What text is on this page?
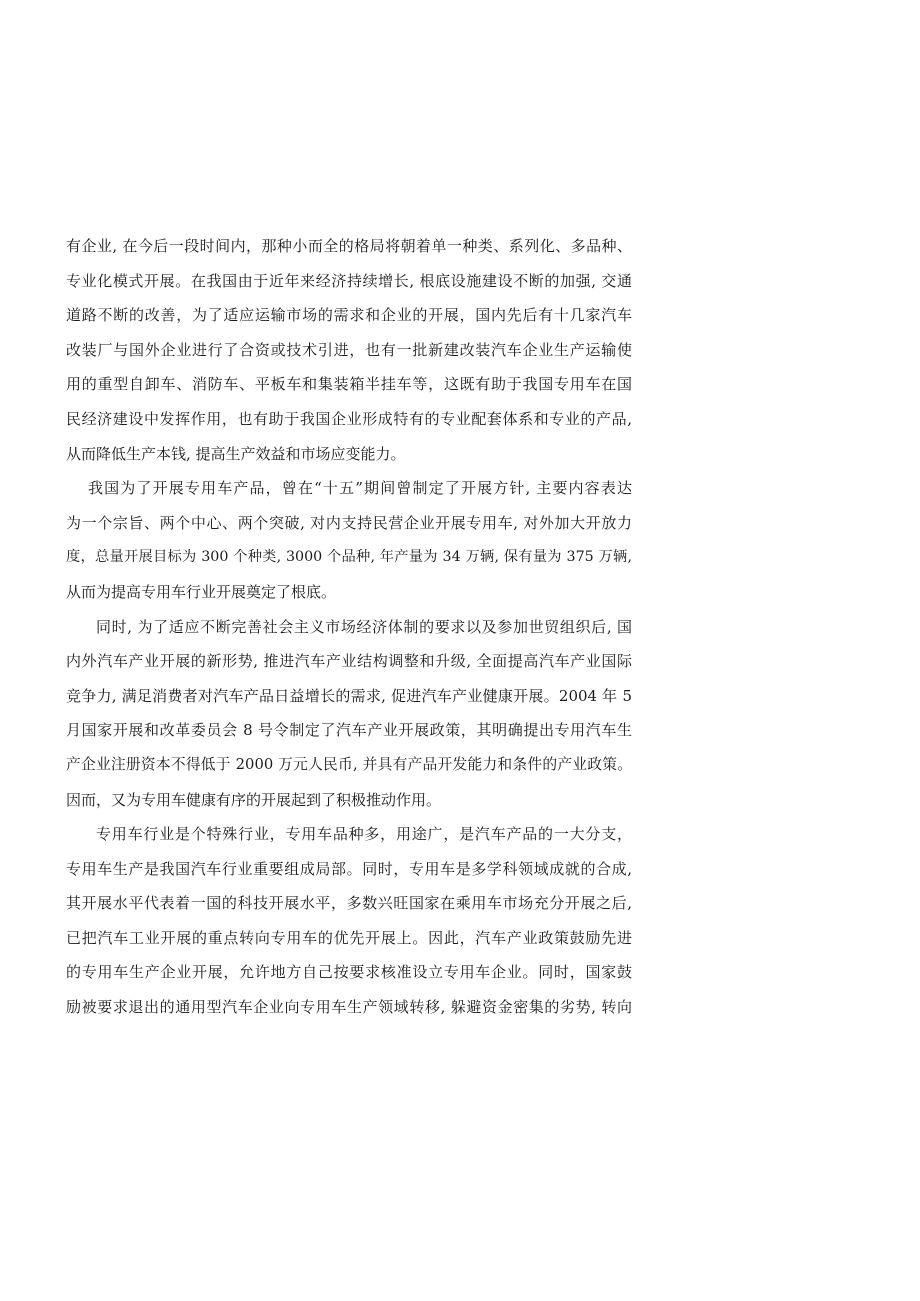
有企业, 在今后一段时间内，那种小而全的格局将朝着单一种类、系列化、多品种、
专业化模式开展。在我国由于近年来经济持续增长, 根底设施建设不断的加强, 交通
道路不断的改善，为了适应运输市场的需求和企业的开展，国内先后有十几家汽车
改装厂与国外企业进行了合资或技术引进，也有一批新建改装汽车企业生产运输使
用的重型自卸车、消防车、平板车和集装箱半挂车等，这既有助于我国专用车在国
民经济建设中发挥作用，也有助于我国企业形成特有的专业配套体系和专业的产品,
从而降低生产本钱, 提高生产效益和市场应变能力。
我国为了开展专用车产品，曾在“十五”期间曾制定了开展方针, 主要内容表达
为一个宗旨、两个中心、两个突破, 对内支持民营企业开展专用车, 对外加大开放力
度，总量开展目标为 300 个种类, 3000 个品种, 年产量为 34 万辆, 保有量为 375 万辆,
从而为提高专用车行业开展奠定了根底。
同时, 为了适应不断完善社会主义市场经济体制的要求以及参加世贸组织后, 国
内外汽车产业开展的新形势, 推进汽车产业结构调整和升级, 全面提高汽车产业国际
竞争力, 满足消费者对汽车产品日益增长的需求, 促进汽车产业健康开展。2004 年 5
月国家开展和改革委员会 8 号令制定了汽车产业开展政策，其明确提出专用汽车生
产企业注册资本不得低于 2000 万元人民币, 并具有产品开发能力和条件的产业政策。
因而，又为专用车健康有序的开展起到了积极推动作用。
专用车行业是个特殊行业，专用车品种多，用途广，是汽车产品的一大分支，
专用车生产是我国汽车行业重要组成局部。同时，专用车是多学科领域成就的合成,
其开展水平代表着一国的科技开展水平，多数兴旺国家在乘用车市场充分开展之后,
已把汽车工业开展的重点转向专用车的优先开展上。因此，汽车产业政策鼓励先进
的专用车生产企业开展，允许地方自己按要求核准设立专用车企业。同时，国家鼓
励被要求退出的通用型汽车企业向专用车生产领域转移, 躲避资金密集的劣势, 转向
